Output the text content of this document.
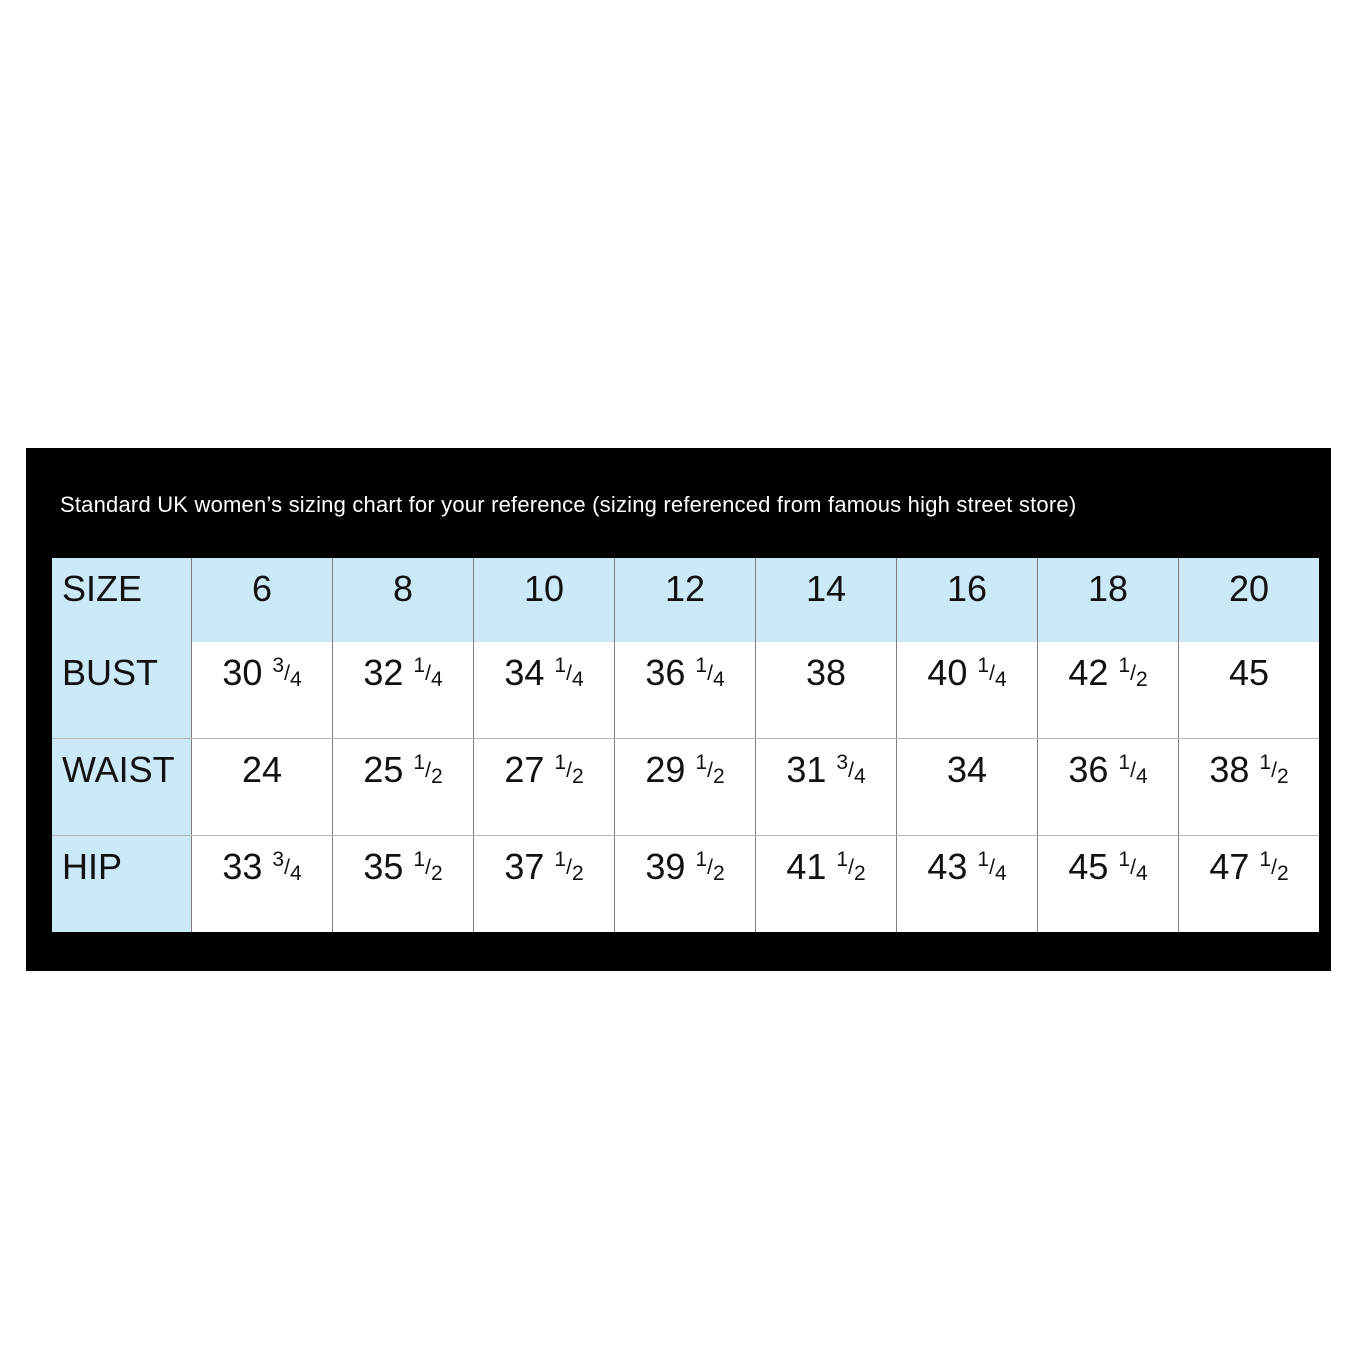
Standard UK women’s sizing chart for your reference (sizing referenced from famous high street store)
SIZE	6	8	10	12	14	16	18	20
BUST	30 $^3$/4	32 $^1$/4	34 $^1$/4	36 $^1$/4	38	40 $^1$/4	42 $^1$/2	45
WAIST	24	25 $^1$/2	27 $^1$/2	29 $^1$/2	31 $^3$/4	34	36 $^1$/4	38 $^1$/2
HIP	33 $^3$/4	35 $^1$/2	37 $^1$/2	39 $^1$/2	41 $^1$/2	43 $^1$/4	45 $^1$/4	47 $^1$/2
